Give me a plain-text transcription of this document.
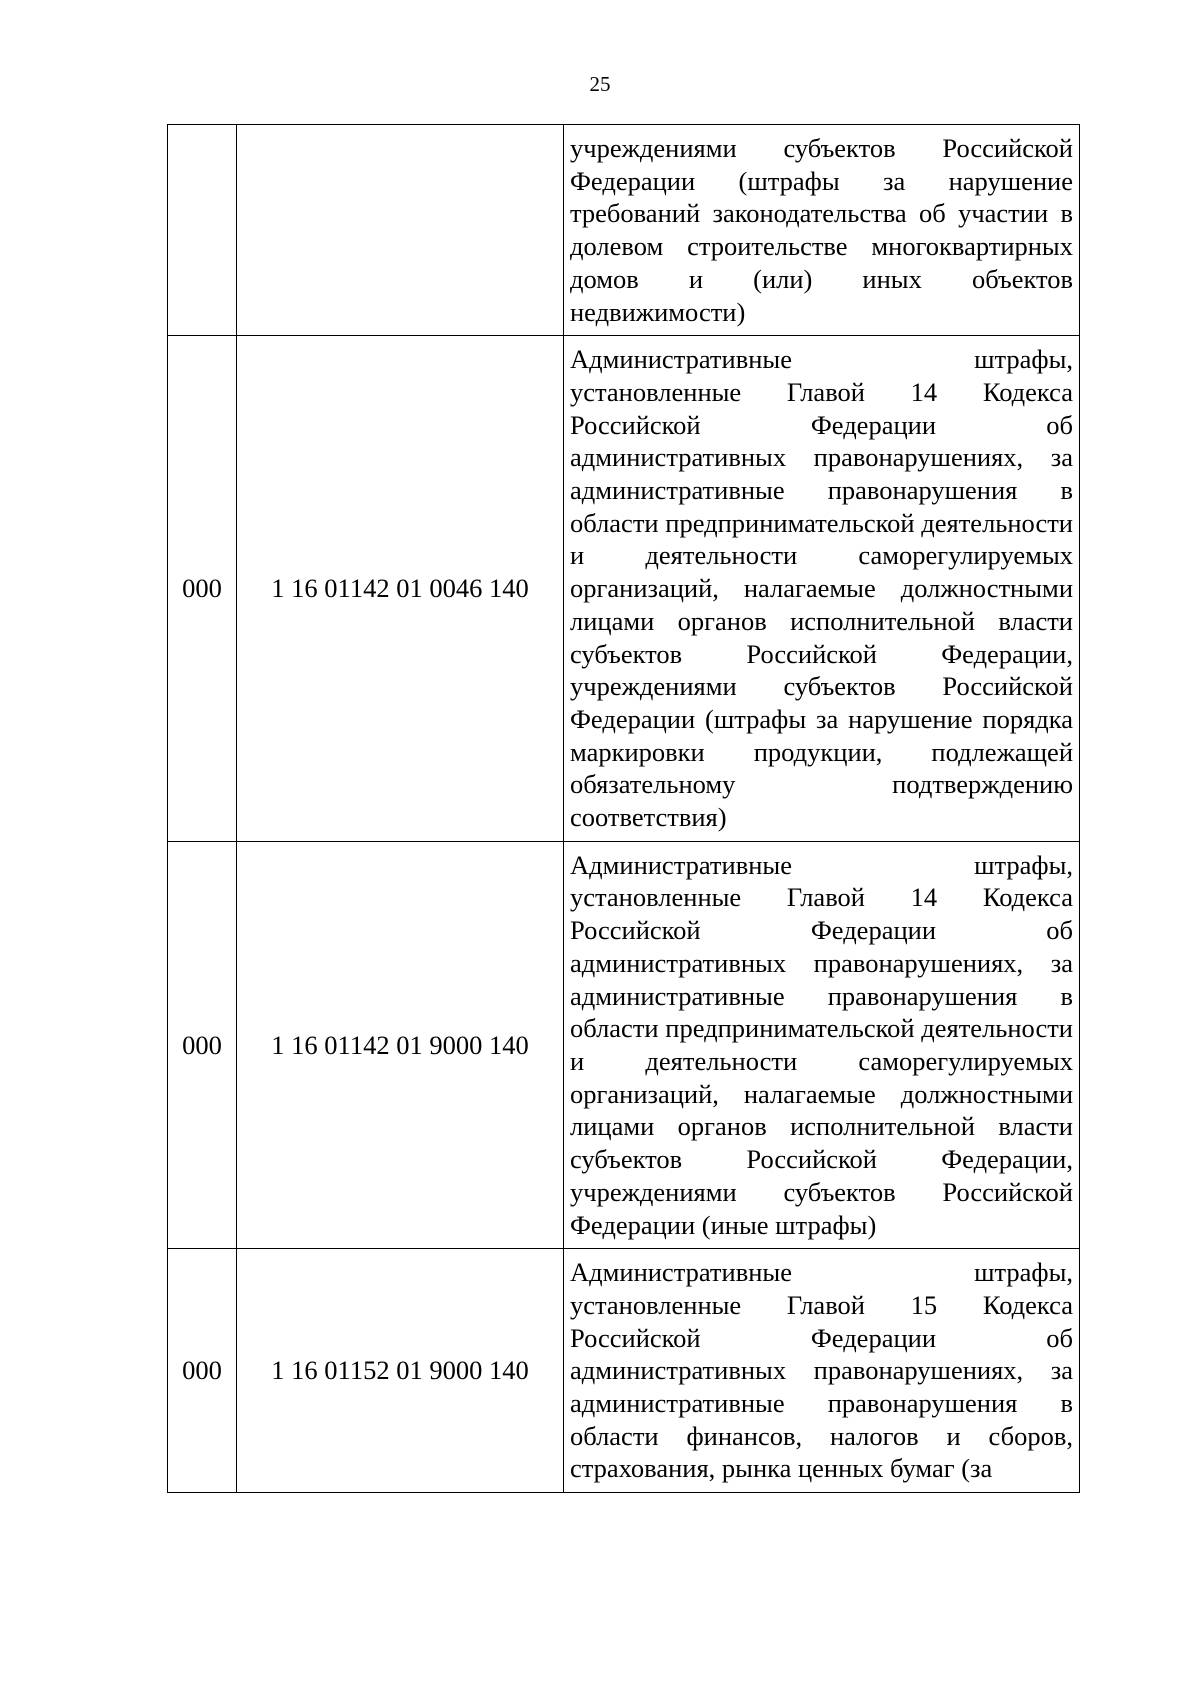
25
		учреждениями субъектов Российской Федерации (штрафы за нарушение требований законодательства об участии в долевом строительстве многоквартирных домов и (или) иных объектов недвижимости)
000	1 16 01142 01 0046 140	Административные штрафы, установленные Главой 14 Кодекса Российской Федерации об административных правонарушениях, за административные правонарушения в области предпринимательской деятельности и деятельности саморегулируемых организаций, налагаемые должностными лицами органов исполнительной власти субъектов Российской Федерации, учреждениями субъектов Российской Федерации (штрафы за нарушение порядка маркировки продукции, подлежащей обязательному подтверждению соответствия)
000	1 16 01142 01 9000 140	Административные штрафы, установленные Главой 14 Кодекса Российской Федерации об административных правонарушениях, за административные правонарушения в области предпринимательской деятельности и деятельности саморегулируемых организаций, налагаемые должностными лицами органов исполнительной власти субъектов Российской Федерации, учреждениями субъектов Российской Федерации (иные штрафы)
000	1 16 01152 01 9000 140	Административные штрафы, установленные Главой 15 Кодекса Российской Федерации об административных правонарушениях, за административные правонарушения в области финансов, налогов и сборов, страхования, рынка ценных бумаг (за
